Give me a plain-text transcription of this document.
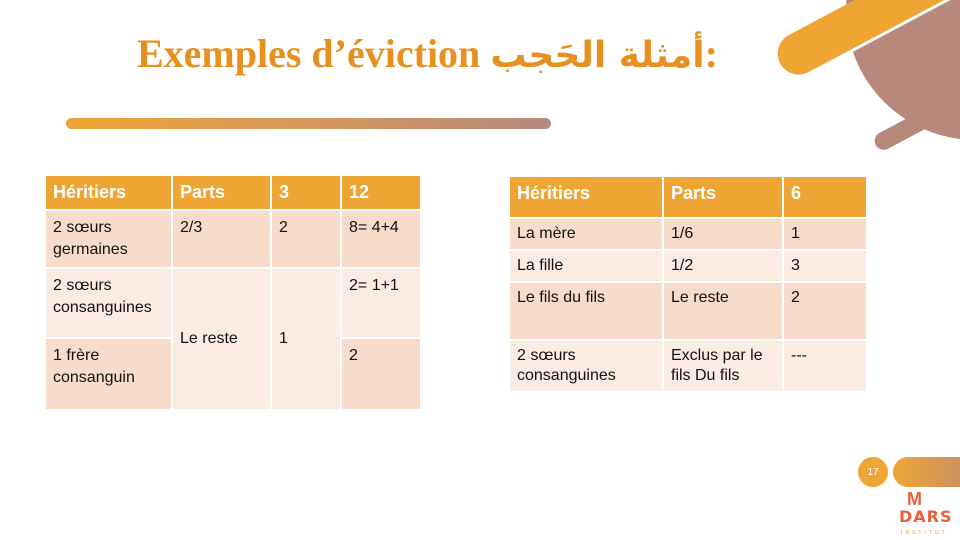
Exemples d’éviction أمثلة الحَجب:
Héritiers	Parts	3	12
2 sœurs germaines	2/3	2	8= 4+4
2 sœurs consanguines	Le reste	1	2= 1+1
1 frère consanguin			2
Héritiers	Parts	6
La mère	1/6	1
La fille	1/2	3
Le fils du fils	Le reste	2
2 sœurs consanguines	Exclus par le fils Du fils	---
17
M
DARS
INSTITUT
